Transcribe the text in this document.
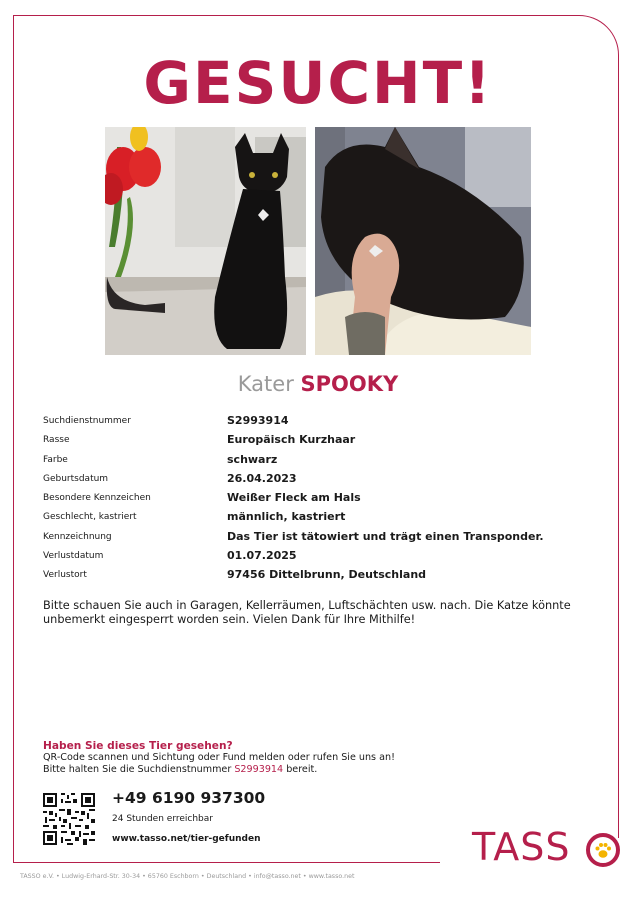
GESUCHT!
Kater SPOOKY
Suchdienstnummer	S2993914
Rasse	Europäisch Kurzhaar
Farbe	schwarz
Geburtsdatum	26.04.2023
Besondere Kennzeichen	Weißer Fleck am Hals
Geschlecht, kastriert	männlich, kastriert
Kennzeichnung	Das Tier ist tätowiert und trägt einen Transponder.
Verlustdatum	01.07.2025
Verlustort	97456 Dittelbrunn, Deutschland
Bitte schauen Sie auch in Garagen, Kellerräumen, Luftschächten usw. nach. Die Katze könnte unbemerkt eingesperrt worden sein. Vielen Dank für Ihre Mithilfe!
Haben Sie dieses Tier gesehen?
QR-Code scannen und Sichtung oder Fund melden oder rufen Sie uns an!
Bitte halten Sie die Suchdienstnummer S2993914 bereit.
+49 6190 937300
24 Stunden erreichbar
www.tasso.net/tier-gefunden	TASS
TASSO e.V. • Ludwig-Erhard-Str. 30-34 • 65760 Eschborn • Deutschland • info@tasso.net • www.tasso.net
